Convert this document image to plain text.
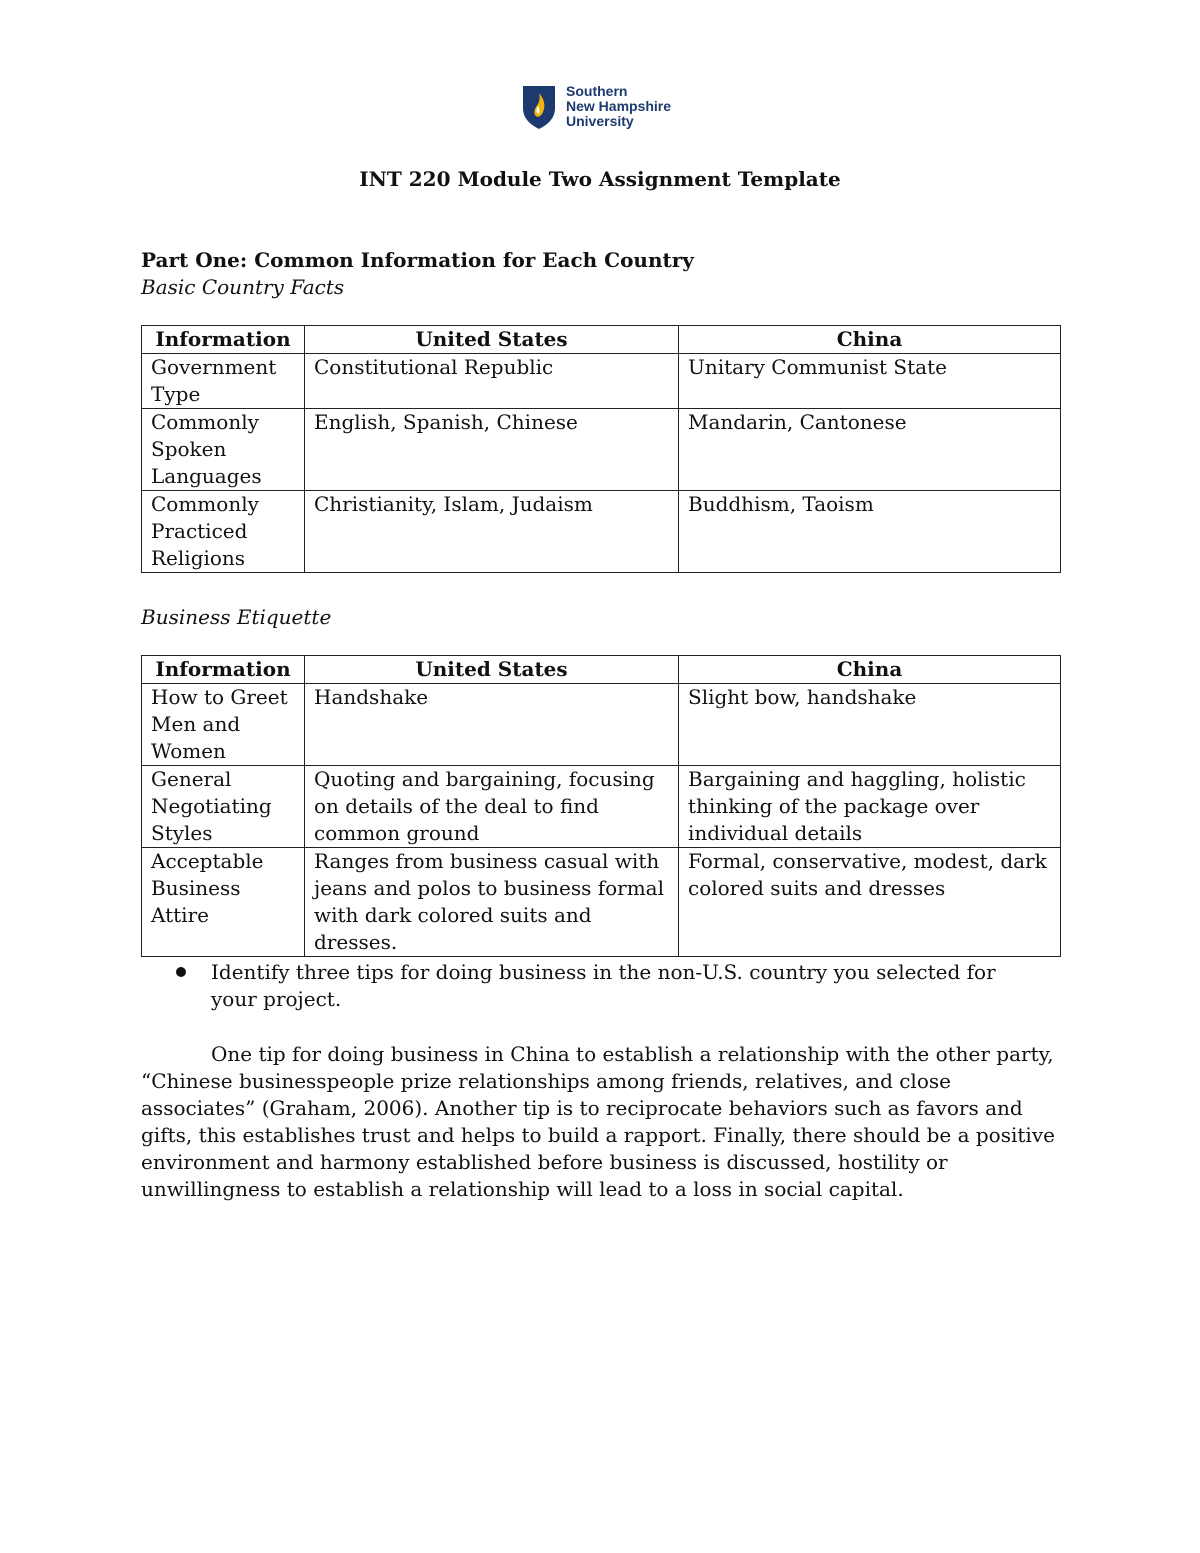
Southern
New Hampshire
University
INT 220 Module Two Assignment Template
Part One: Common Information for Each Country
Basic Country Facts
Information	United States	China
Government Type	Constitutional Republic	Unitary Communist State
Commonly Spoken Languages	English, Spanish, Chinese	Mandarin, Cantonese
Commonly Practiced Religions	Christianity, Islam, Judaism	Buddhism, Taoism
Business Etiquette
Information	United States	China
How to Greet Men and Women	Handshake	Slight bow, handshake
General Negotiating Styles	Quoting and bargaining, focusing on details of the deal to find common ground	Bargaining and haggling, holistic thinking of the package over individual details
Acceptable Business Attire	Ranges from business casual with jeans and polos to business formal with dark colored suits and dresses.	Formal, conservative, modest, dark colored suits and dresses
Identify three tips for doing business in the non-U.S. country you selected for your project.
One tip for doing business in China to establish a relationship with the other party, “Chinese businesspeople prize relationships among friends, relatives, and close associates” (Graham, 2006). Another tip is to reciprocate behaviors such as favors and gifts, this establishes trust and helps to build a rapport. Finally, there should be a positive environment and harmony established before business is discussed, hostility or unwillingness to establish a relationship will lead to a loss in social capital.
